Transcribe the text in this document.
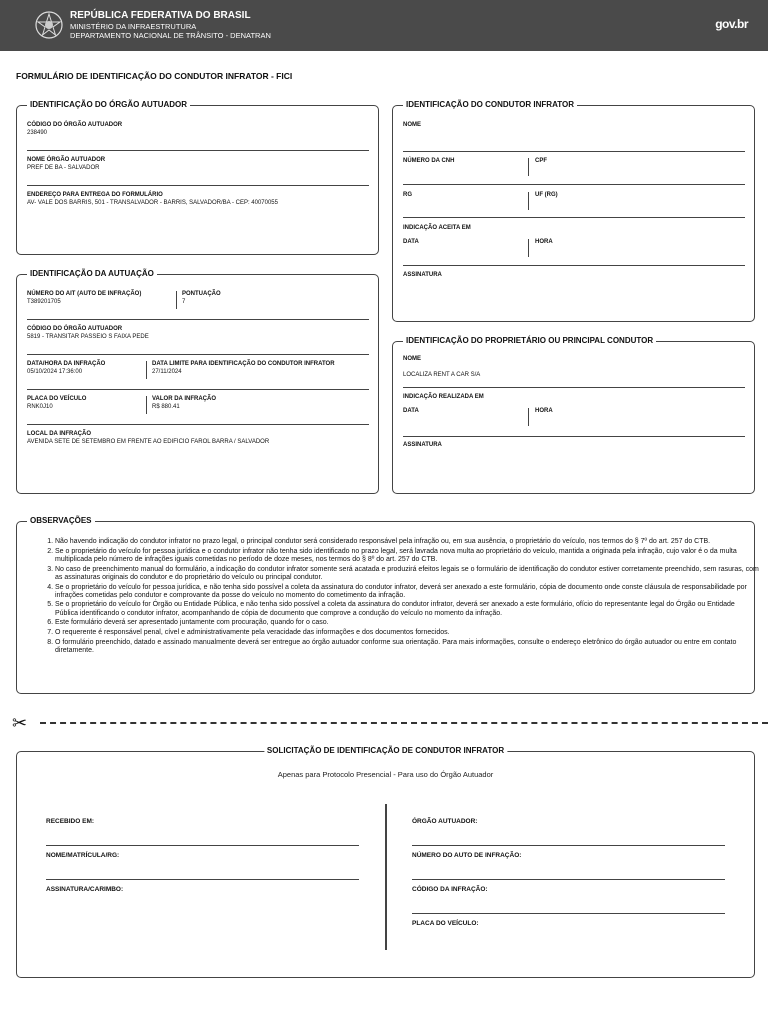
REPÚBLICA FEDERATIVA DO BRASIL
MINISTÉRIO DA INFRAESTRUTURA
DEPARTAMENTO NACIONAL DE TRÂNSITO - DENATRAN
gov.br
FORMULÁRIO DE IDENTIFICAÇÃO DO CONDUTOR INFRATOR - FICI
IDENTIFICAÇÃO DO ÓRGÃO AUTUADOR
CÓDIGO DO ÓRGÃO AUTUADOR
238490
NOME ÓRGÃO AUTUADOR
PREF DE BA - SALVADOR
ENDEREÇO PARA ENTREGA DO FORMULÁRIO
AV- VALE DOS BARRIS, 501 - TRANSALVADOR - BARRIS, SALVADOR/BA - CEP: 40070055
IDENTIFICAÇÃO DA AUTUAÇÃO
NÚMERO DO AIT (AUTO DE INFRAÇÃO)
T389201705
PONTUAÇÃO
7
CÓDIGO DO ÓRGÃO AUTUADOR
5819 - TRANSITAR PASSEIO S FAIXA PEDE
DATA/HORA DA INFRAÇÃO
05/10/2024 17:36:00
DATA LIMITE PARA IDENTIFICAÇÃO DO CONDUTOR INFRATOR
27/11/2024
PLACA DO VEÍCULO
RNK0J10
VALOR DA INFRAÇÃO
R$ 880.41
LOCAL DA INFRAÇÃO
AVENIDA SETE DE SETEMBRO EM FRENTE AO EDIFICIO FAROL BARRA / SALVADOR
IDENTIFICAÇÃO DO CONDUTOR INFRATOR
NOME
NÚMERO DA CNH	CPF
RG	UF (RG)
INDICAÇÃO ACEITA EM
DATA	HORA
ASSINATURA
IDENTIFICAÇÃO DO PROPRIETÁRIO OU PRINCIPAL CONDUTOR
NOME
LOCALIZA RENT A CAR S/A
INDICAÇÃO REALIZADA EM
DATA	HORA
ASSINATURA
OBSERVAÇÕES
1. Não havendo indicação do condutor infrator no prazo legal, o principal condutor será considerado responsável pela infração ou, em sua ausência, o proprietário do veículo, nos termos do § 7º do art. 257 do CTB.
2. Se o proprietário do veículo for pessoa jurídica e o condutor infrator não tenha sido identificado no prazo legal, será lavrada nova multa ao proprietário do veículo, mantida a originada pela infração, cujo valor é o da multa multiplicada pelo número de infrações iguais cometidas no período de doze meses, nos termos do § 8º do art. 257 do CTB.
3. No caso de preenchimento manual do formulário, a indicação do condutor infrator somente será acatada e produzirá efeitos legais se o formulário de identificação do condutor estiver corretamente preenchido, sem rasuras, com as assinaturas originais do condutor e do proprietário do veículo ou principal condutor.
4. Se o proprietário do veículo for pessoa jurídica, e não tenha sido possível a coleta da assinatura do condutor infrator, deverá ser anexado a este formulário, cópia de documento onde conste cláusula de responsabilidade por infrações cometidas pelo condutor e comprovante da posse do veículo no momento do cometimento da infração.
5. Se o proprietário do veículo for Órgão ou Entidade Pública, e não tenha sido possível a coleta da assinatura do condutor infrator, deverá ser anexado a este formulário, ofício do representante legal do Órgão ou Entidade Pública identificando o condutor infrator, acompanhando de cópia de documento que comprove a condução do veículo no momento da infração.
6. Este formulário deverá ser apresentado juntamente com procuração, quando for o caso.
7. O requerente é responsável penal, cível e administrativamente pela veracidade das informações e dos documentos fornecidos.
8. O formulário preenchido, datado e assinado manualmente deverá ser entregue ao órgão autuador conforme sua orientação. Para mais informações, consulte o endereço eletrônico do órgão autuador ou entre em contato diretamente.
✂
SOLICITAÇÃO DE IDENTIFICAÇÃO DE CONDUTOR INFRATOR
Apenas para Protocolo Presencial - Para uso do Órgão Autuador
RECEBIDO EM:
NOME/MATRÍCULA/RG:
ASSINATURA/CARIMBO:
ÓRGÃO AUTUADOR:
NÚMERO DO AUTO DE INFRAÇÃO:
CÓDIGO DA INFRAÇÃO:
PLACA DO VEÍCULO:
